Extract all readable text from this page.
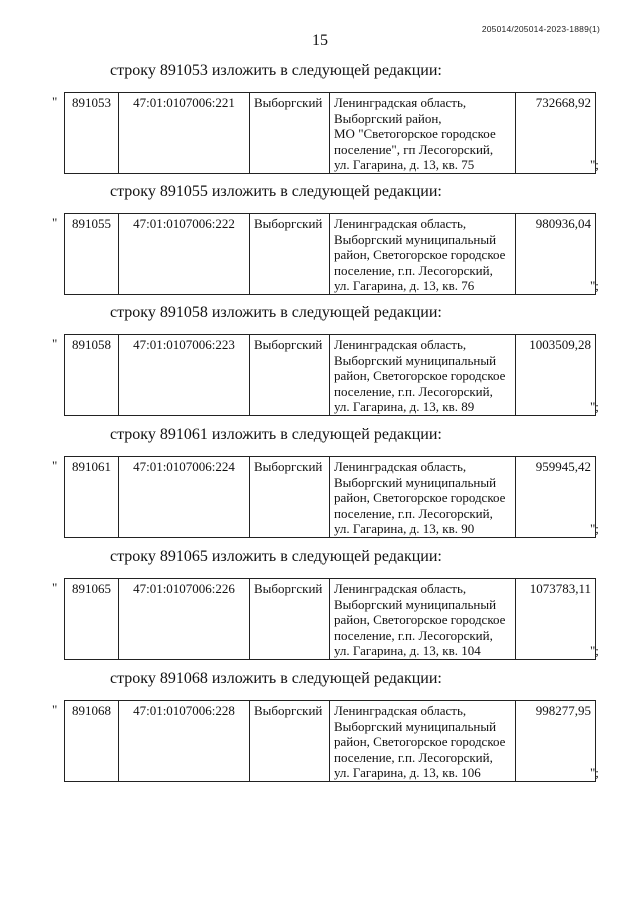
205014/205014-2023-1889(1)
15
строку 891053 изложить в следующей редакции:
" 891053	47:01:0107006:221	Выборгский	Ленинградская область,
Выборгский район,
МО "Светогорское городское
поселение", гп Лесогорский,
ул. Гагарина, д. 13, кв. 75
	732668,92
";
строку 891055 изложить в следующей редакции:
" 891055	47:01:0107006:222	Выборгский	Ленинградская область,
Выборгский муниципальный
район, Светогорское городское
поселение, г.п. Лесогорский,
ул. Гагарина, д. 13, кв. 76
	980936,04
";
строку 891058 изложить в следующей редакции:
" 891058	47:01:0107006:223	Выборгский	Ленинградская область,
Выборгский муниципальный
район, Светогорское городское
поселение, г.п. Лесогорский,
ул. Гагарина, д. 13, кв. 89
	1003509,28
";
строку 891061 изложить в следующей редакции:
" 891061	47:01:0107006:224	Выборгский	Ленинградская область,
Выборгский муниципальный
район, Светогорское городское
поселение, г.п. Лесогорский,
ул. Гагарина, д. 13, кв. 90
	959945,42
";
строку 891065 изложить в следующей редакции:
" 891065	47:01:0107006:226	Выборгский	Ленинградская область,
Выборгский муниципальный
район, Светогорское городское
поселение, г.п. Лесогорский,
ул. Гагарина, д. 13, кв. 104
	1073783,11
";
строку 891068 изложить в следующей редакции:
" 891068	47:01:0107006:228	Выборгский	Ленинградская область,
Выборгский муниципальный
район, Светогорское городское
поселение, г.п. Лесогорский,
ул. Гагарина, д. 13, кв. 106
	998277,95
";
